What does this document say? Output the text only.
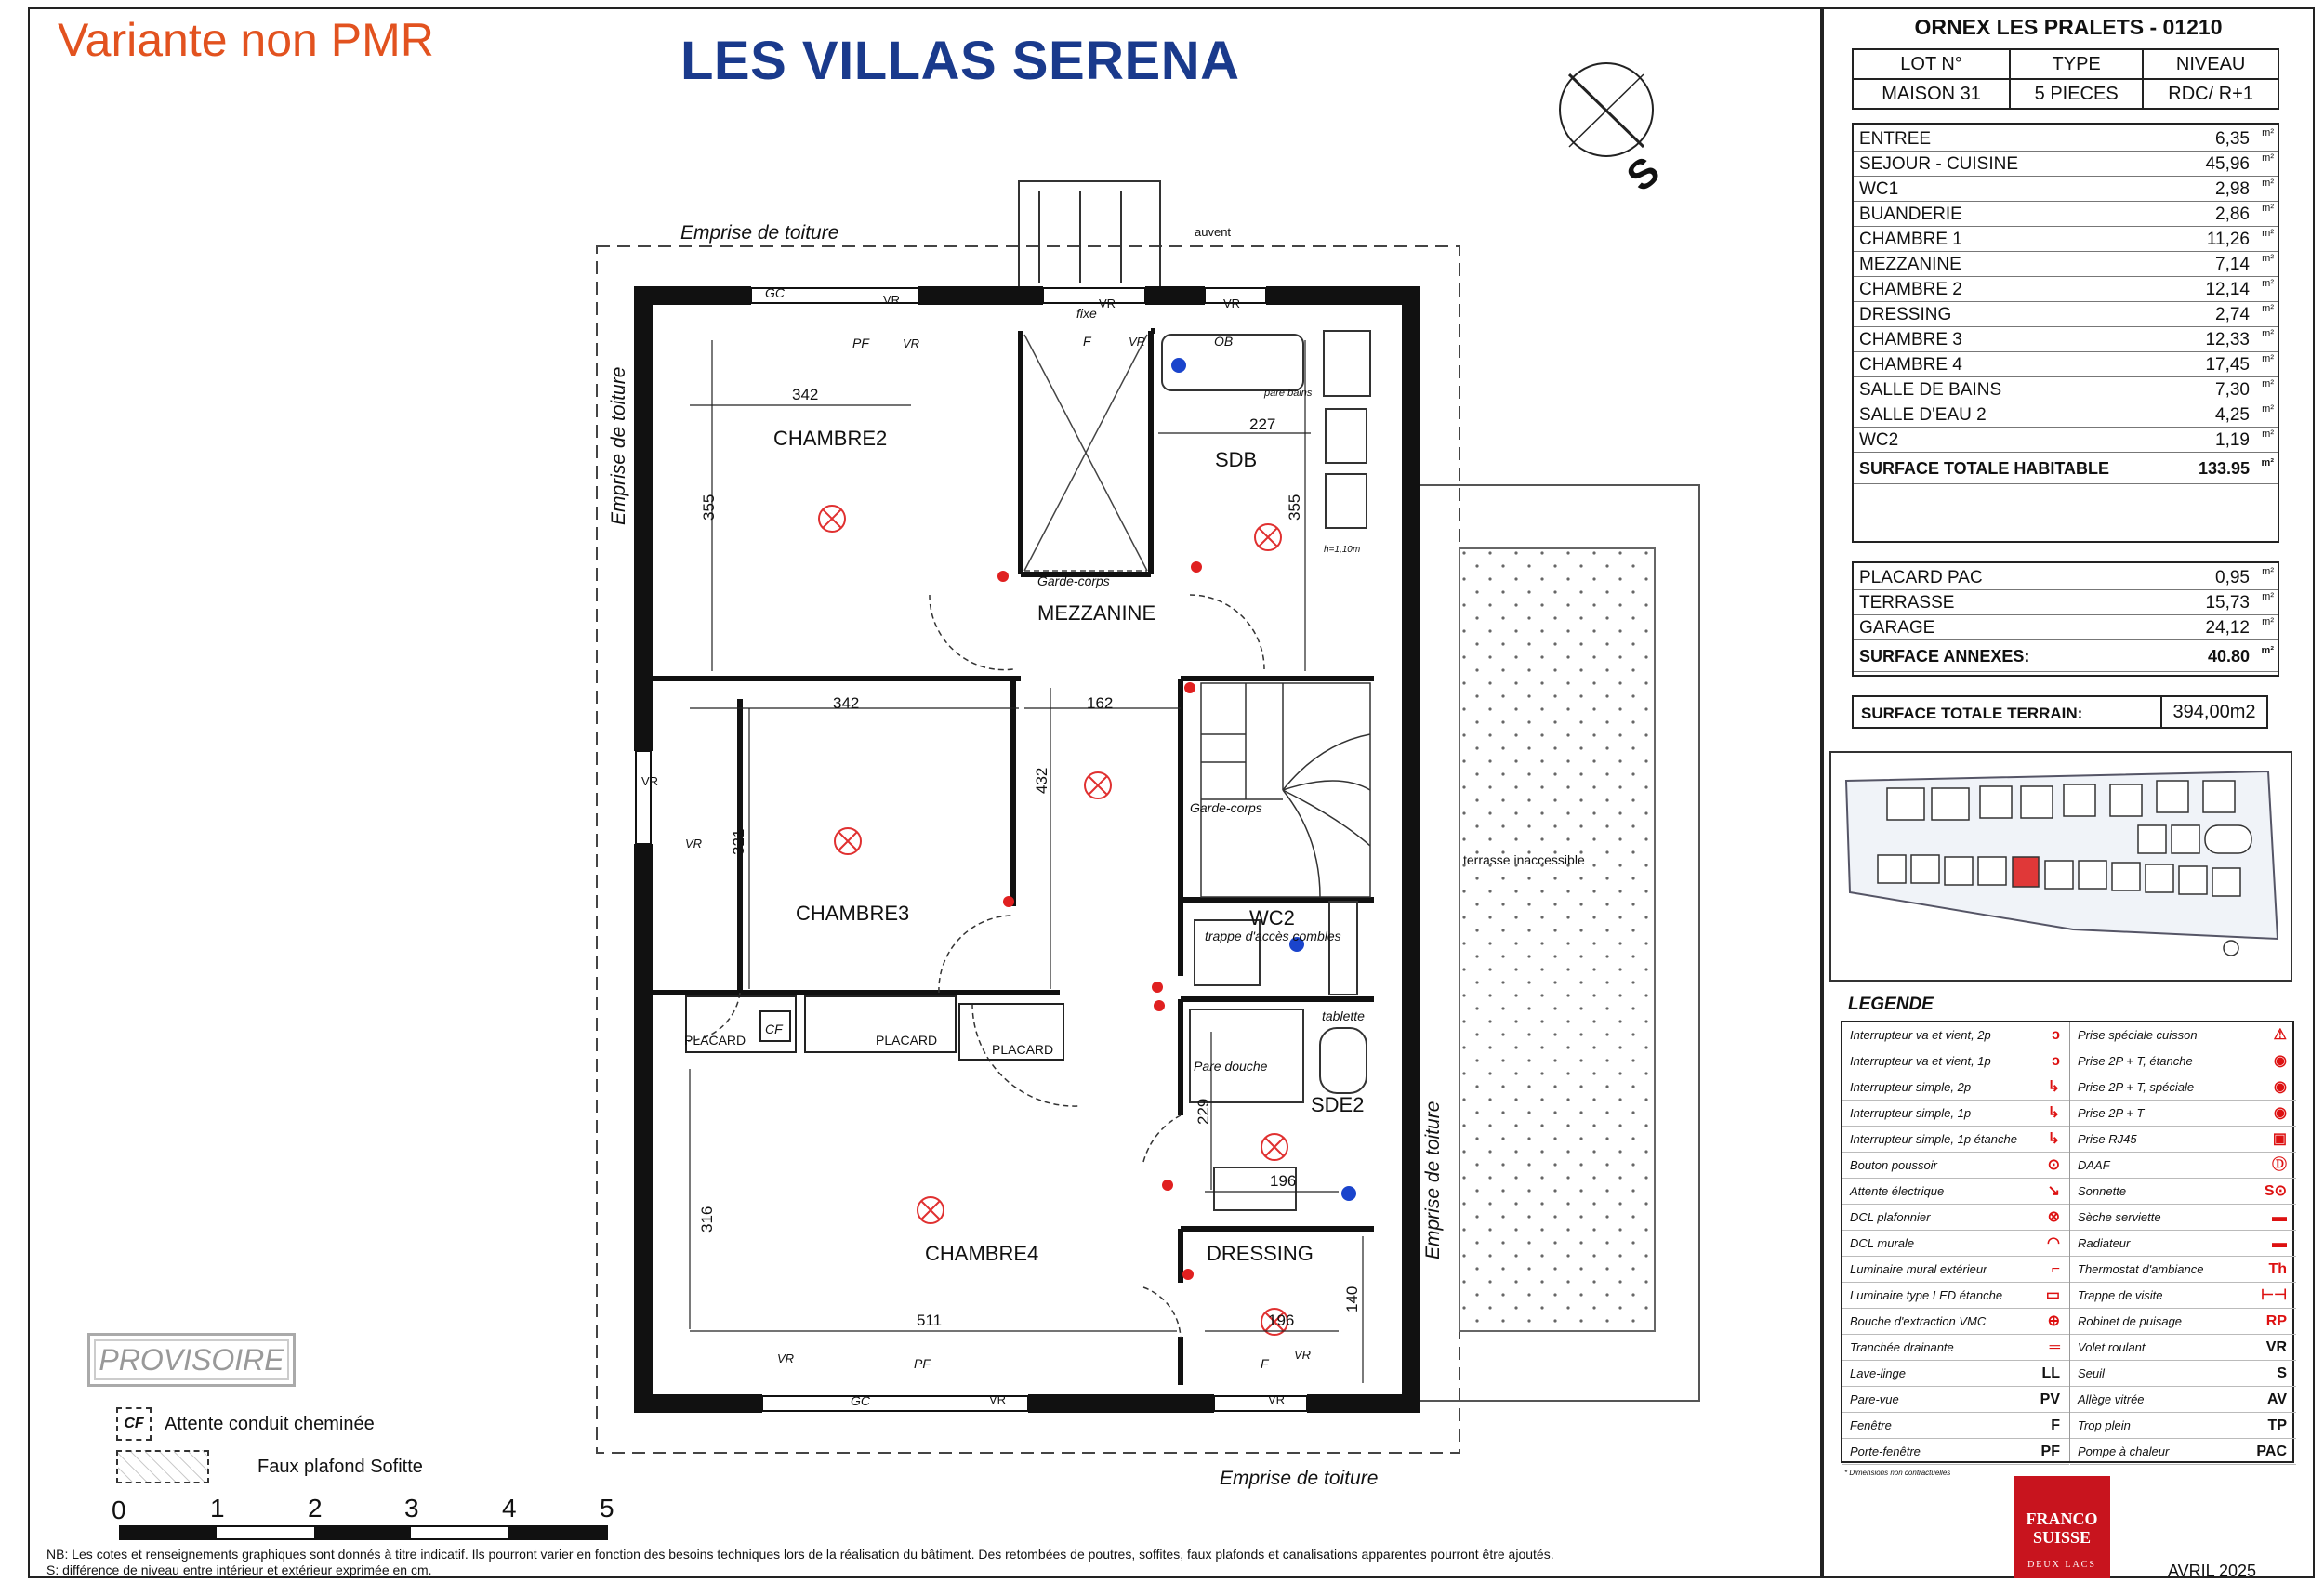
Variante non PMR	LES VILLAS SERENA
Emprise de toiture
Emprise de toiture
Emprise de toiture
Emprise de toiture
terrasse inaccessible
auvent
fixe
CHAMBRE2
SDB
MEZZANINE
CHAMBRE3	WC2
SDE2
CHAMBRE4	DRESSING
342
355
227
355
342	162
432
321
229
196
316
511	196
140
Garde-corps
Garde-corps
trappe d'accès combles
tablette
Pare douche
pare bains
h=1,10m
PLACARD	PLACARD
PLACARD
CF
PF
PF
GC
GC
F
F
OB
VR	VR	VR
VR
VR	VR
VR	VR
VR
VR	VR
S
0	1	2	3	4	5
PROVISOIRE
CF	Attente conduit cheminée
Faux plafond Sofitte
NB: Les cotes et renseignements graphiques sont donnés à titre indicatif. Ils pourront varier en fonction des besoins techniques lors de la réalisation du bâtiment. Des retombées de poutres, soffites, faux plafonds et canalisations apparentes pourront être ajoutés.
S: différence de niveau entre intérieur et extérieur exprimée en cm.
ORNEX LES PRALETS - 01210
LOT N°	TYPE	NIVEAU
MAISON 31	5 PIECES	RDC/ R+1
ENTREE	6,35 m²
SEJOUR - CUISINE	45,96 m²
WC1	2,98 m²
BUANDERIE	2,86 m²
CHAMBRE 1	11,26 m²
MEZZANINE	7,14 m²
CHAMBRE 2	12,14 m²
DRESSING	2,74 m²
CHAMBRE 3	12,33 m²
CHAMBRE 4	17,45 m²
SALLE DE BAINS	7,30 m²
SALLE D'EAU 2	4,25 m²
WC2	1,19 m²
SURFACE TOTALE HABITABLE	133.95 m²
PLACARD PAC	0,95 m²
TERRASSE	15,73 m²
GARAGE	24,12 m²
SURFACE ANNEXES:	40.80 m²
SURFACE TOTALE TERRAIN:	394,00m2
LEGENDE
Interrupteur va et vient, 2p	ↄ
Interrupteur va et vient, 1p	ↄ
Interrupteur simple, 2p	↳
Interrupteur simple, 1p	↳
Interrupteur simple, 1p étanche ↳
Bouton poussoir	⊙
Attente électrique	↘
DCL plafonnier	⊗
DCL murale	◠
Luminaire mural extérieur	⌐
Luminaire type LED étanche	▭
Bouche d'extraction VMC	⊕
Tranchée drainante	═
Lave-linge	LL
Pare-vue	PV
Fenêtre	F
Porte-fenêtre	PF
Prise spéciale cuisson	⚠
Prise 2P + T, étanche	◉
Prise 2P + T, spéciale	◉
Prise 2P + T	◉
Prise RJ45	▣
DAAF	Ⓓ
Sonnette	S⊙
Sèche serviette	▬
Radiateur	▬
Thermostat d'ambiance	Th
Trappe de visite	⊢⊣
Robinet de puisage	RP
Volet roulant	VR
Seuil	S
Allège vitrée	AV
Trop plein	TP
Pompe à chaleur	PAC
* Dimensions non contractuelles
FRANCO
SUISSE
DEUX LACS	AVRIL 2025
